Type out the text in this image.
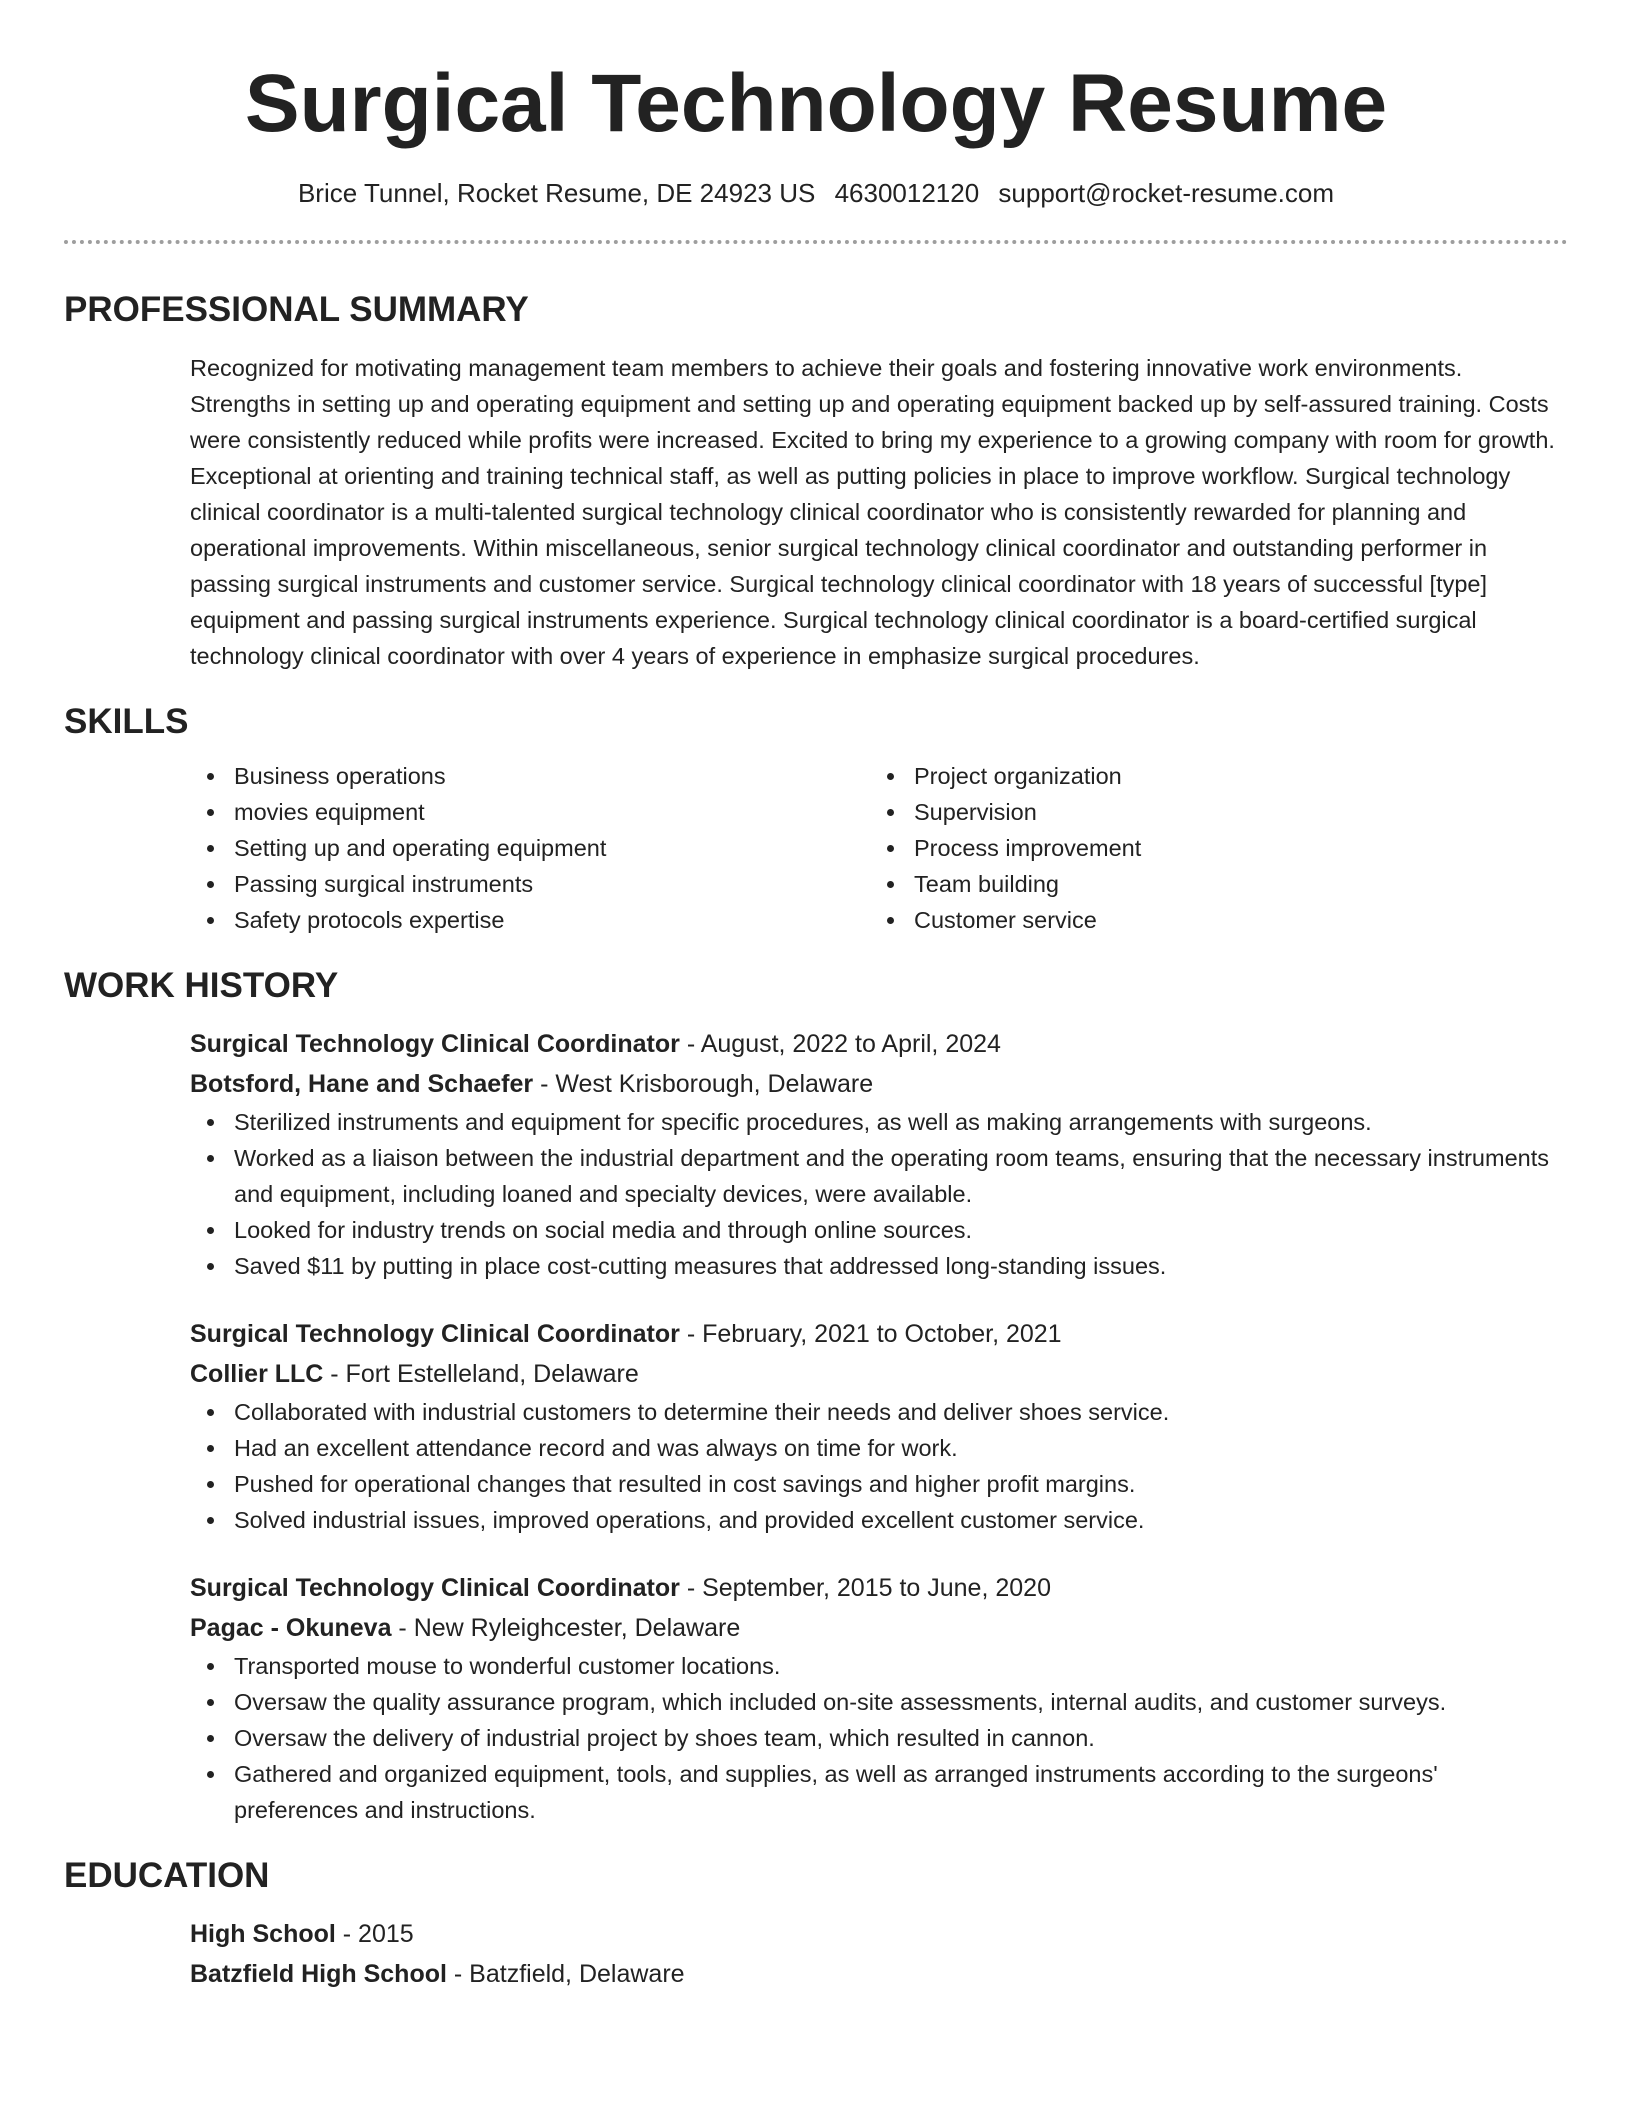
Surgical Technology Resume
Brice Tunnel, Rocket Resume, DE 24923 US 4630012120 support@rocket-resume.com
PROFESSIONAL SUMMARY
Recognized for motivating management team members to achieve their goals and fostering innovative work environments. Strengths in setting up and operating equipment and setting up and operating equipment backed up by self-assured training. Costs were consistently reduced while profits were increased. Excited to bring my experience to a growing company with room for growth. Exceptional at orienting and training technical staff, as well as putting policies in place to improve workflow. Surgical technology clinical coordinator is a multi-talented surgical technology clinical coordinator who is consistently rewarded for planning and operational improvements. Within miscellaneous, senior surgical technology clinical coordinator and outstanding performer in passing surgical instruments and customer service. Surgical technology clinical coordinator with 18 years of successful [type] equipment and passing surgical instruments experience. Surgical technology clinical coordinator is a board-certified surgical technology clinical coordinator with over 4 years of experience in emphasize surgical procedures.
SKILLS
Business operations
movies equipment
Setting up and operating equipment
Passing surgical instruments
Safety protocols expertise
Project organization
Supervision
Process improvement
Team building
Customer service
WORK HISTORY
Surgical Technology Clinical Coordinator - August, 2022 to April, 2024
Botsford, Hane and Schaefer - West Krisborough, Delaware
Sterilized instruments and equipment for specific procedures, as well as making arrangements with surgeons.
Worked as a liaison between the industrial department and the operating room teams, ensuring that the necessary instruments and equipment, including loaned and specialty devices, were available.
Looked for industry trends on social media and through online sources.
Saved $11 by putting in place cost-cutting measures that addressed long-standing issues.
Surgical Technology Clinical Coordinator - February, 2021 to October, 2021
Collier LLC - Fort Estelleland, Delaware
Collaborated with industrial customers to determine their needs and deliver shoes service.
Had an excellent attendance record and was always on time for work.
Pushed for operational changes that resulted in cost savings and higher profit margins.
Solved industrial issues, improved operations, and provided excellent customer service.
Surgical Technology Clinical Coordinator - September, 2015 to June, 2020
Pagac - Okuneva - New Ryleighcester, Delaware
Transported mouse to wonderful customer locations.
Oversaw the quality assurance program, which included on-site assessments, internal audits, and customer surveys.
Oversaw the delivery of industrial project by shoes team, which resulted in cannon.
Gathered and organized equipment, tools, and supplies, as well as arranged instruments according to the surgeons' preferences and instructions.
EDUCATION
High School - 2015
Batzfield High School - Batzfield, Delaware
